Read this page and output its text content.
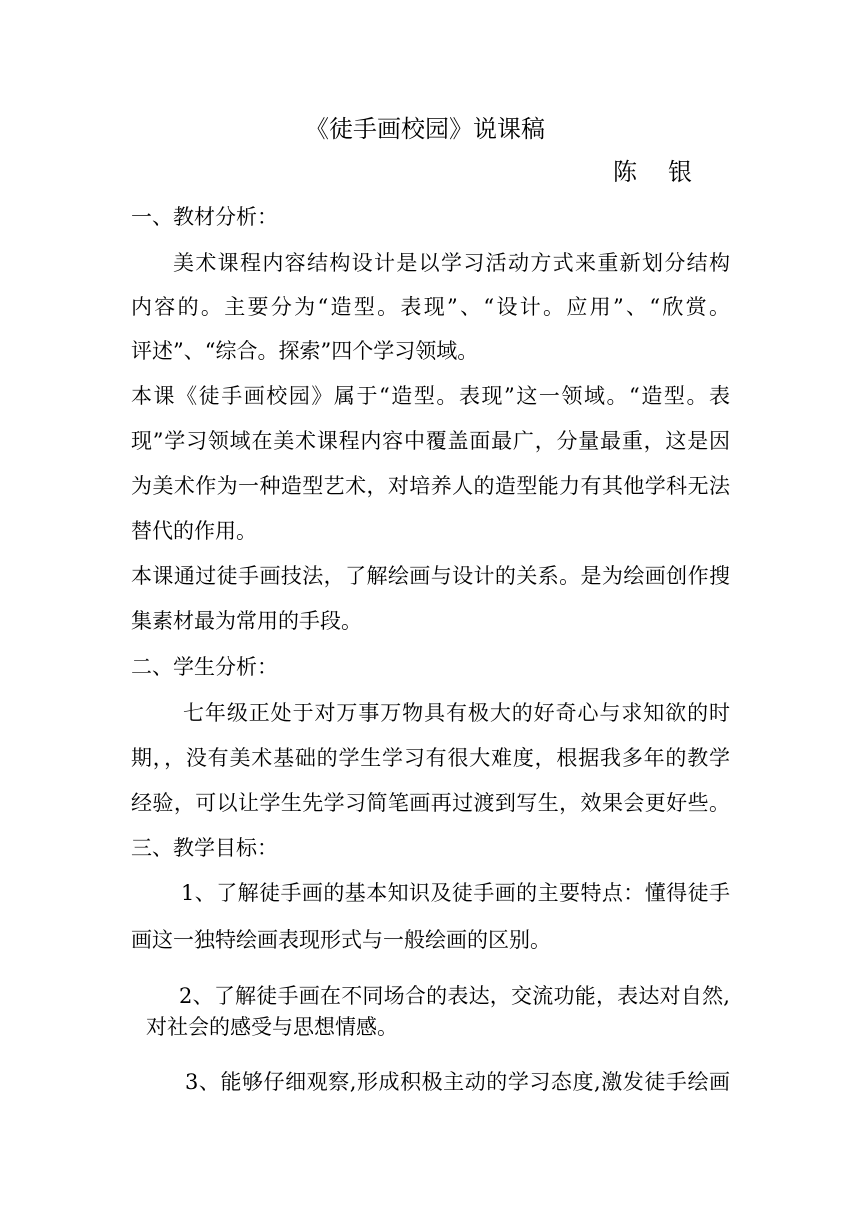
《徒手画校园》说课稿
陈 银
一、教材分析：
美术课程内容结构设计是以学习活动方式来重新划分结构
内容的。主要分为“造型。表现”、“设计。应用”、“欣赏。
评述”、“综合。探索”四个学习领域。
本课《徒手画校园》属于“造型。表现”这一领域。“造型。表
现”学习领域在美术课程内容中覆盖面最广，分量最重，这是因
为美术作为一种造型艺术，对培养人的造型能力有其他学科无法
替代的作用。
本课通过徒手画技法，了解绘画与设计的关系。是为绘画创作搜
集素材最为常用的手段。
二、学生分析：
七年级正处于对万事万物具有极大的好奇心与求知欲的时
期，，没有美术基础的学生学习有很大难度，根据我多年的教学
经验，可以让学生先学习简笔画再过渡到写生，效果会更好些。
三、教学目标：
1、了解徒手画的基本知识及徒手画的主要特点：懂得徒手
画这一独特绘画表现形式与一般绘画的区别。
2、了解徒手画在不同场合的表达，交流功能，表达对自然,
对社会的感受与思想情感。
3、能够仔细观察,形成积极主动的学习态度,激发徒手绘画
